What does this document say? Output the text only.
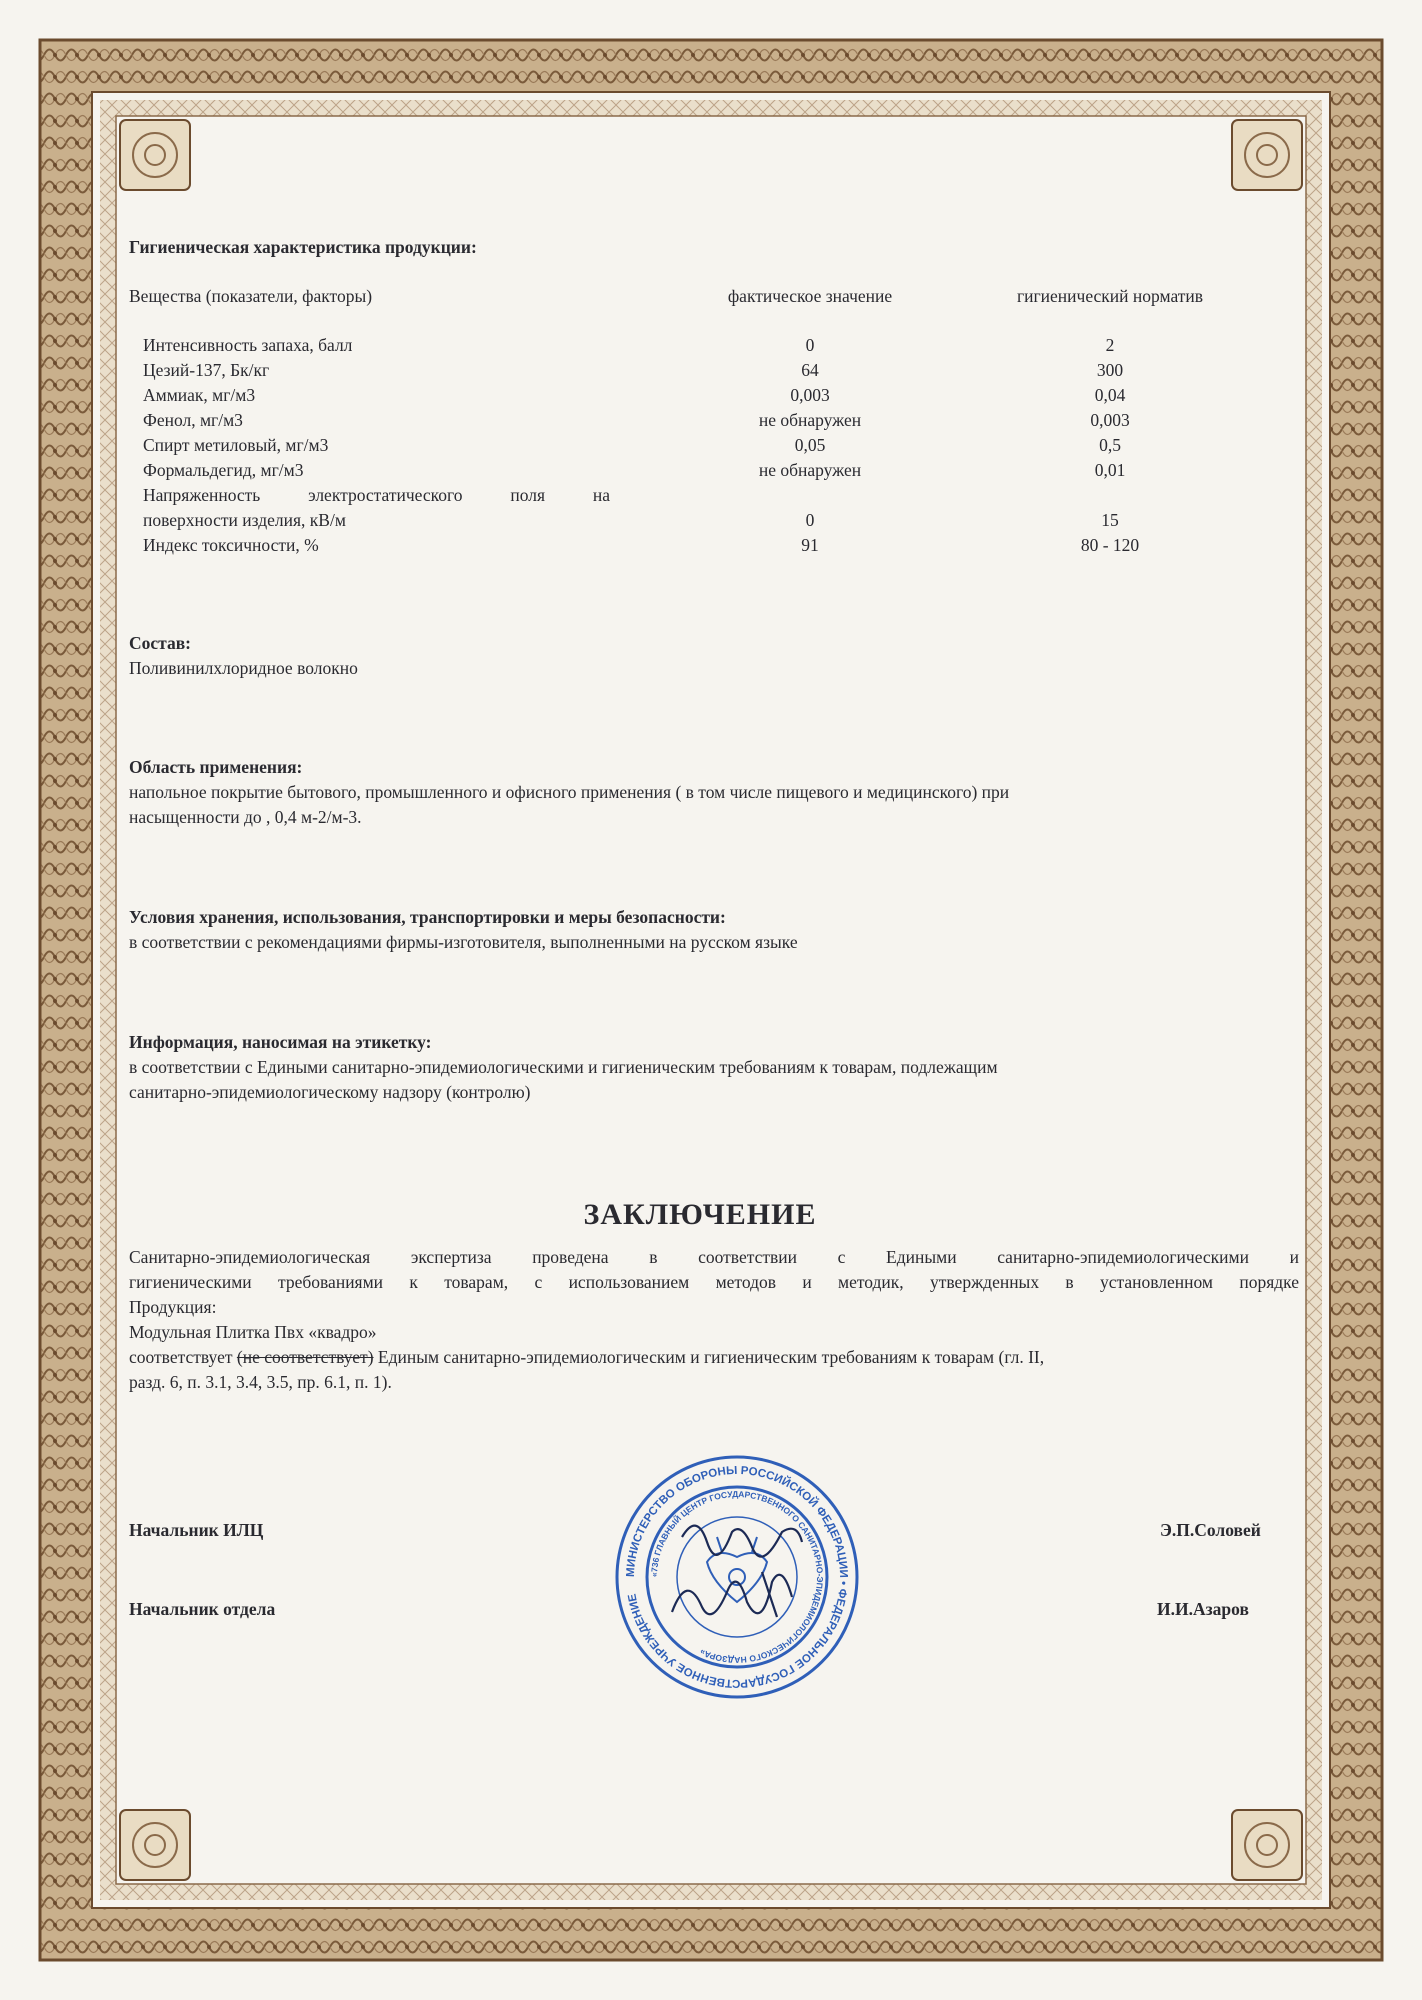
Гигиеническая характеристика продукции:
Вещества (показатели, факторы)	фактическое значение	гигиенический норматив
Интенсивность запаха, балл	0	2
Цезий-137, Бк/кг	64	300
Аммиак, мг/м3	0,003	0,04
Фенол, мг/м3	не обнаружен	0,003
Спирт метиловый, мг/м3	0,05	0,5
Формальдегид, мг/м3	не обнаружен	0,01
Напряженность электростатического поля на
поверхности изделия, кВ/м	0	15
Индекс токсичности, %	91	80 - 120
Состав:
Поливинилхлоридное волокно
Область применения:
напольное покрытие бытового, промышленного и офисного применения ( в том числе пищевого и медицинского) при
насыщенности до , 0,4 м-2/м-3.
Условия хранения, использования, транспортировки и меры безопасности:
в соответствии с рекомендациями фирмы-изготовителя, выполненными на русском языке
Информация, наносимая на этикетку:
в соответствии с Едиными санитарно-эпидемиологическими и гигиеническим требованиям к товарам, подлежащим
санитарно-эпидемиологическому надзору (контролю)
ЗАКЛЮЧЕНИЕ
Санитарно-эпидемиологическая экспертиза проведена в соответствии с Едиными санитарно-эпидемиологическими и
гигиеническими требованиями к товарам, с использованием методов и методик, утвержденных в установленном порядке
Продукция:
Модульная Плитка Пвх «квадро»
соответствует (не соответствует) Единым санитарно-эпидемиологическим и гигиеническим требованиям к товарам (гл. II,
разд. 6, п. 3.1, 3.4, 3.5, пр. 6.1, п. 1).
Начальник ИЛЦ	Э.П.Соловей
Начальник отдела	И.И.Азаров
МИНИСТЕРСТВО ОБОРОНЫ РОССИЙСКОЙ ФЕДЕРАЦИИ • ФЕДЕРАЛЬНОЕ ГОСУДАРСТВЕННОЕ УЧРЕЖДЕНИЕ
«736 ГЛАВНЫЙ ЦЕНТР ГОСУДАРСТВЕННОГО САНИТАРНО-ЭПИДЕМИОЛОГИЧЕСКОГО НАДЗОРА»
